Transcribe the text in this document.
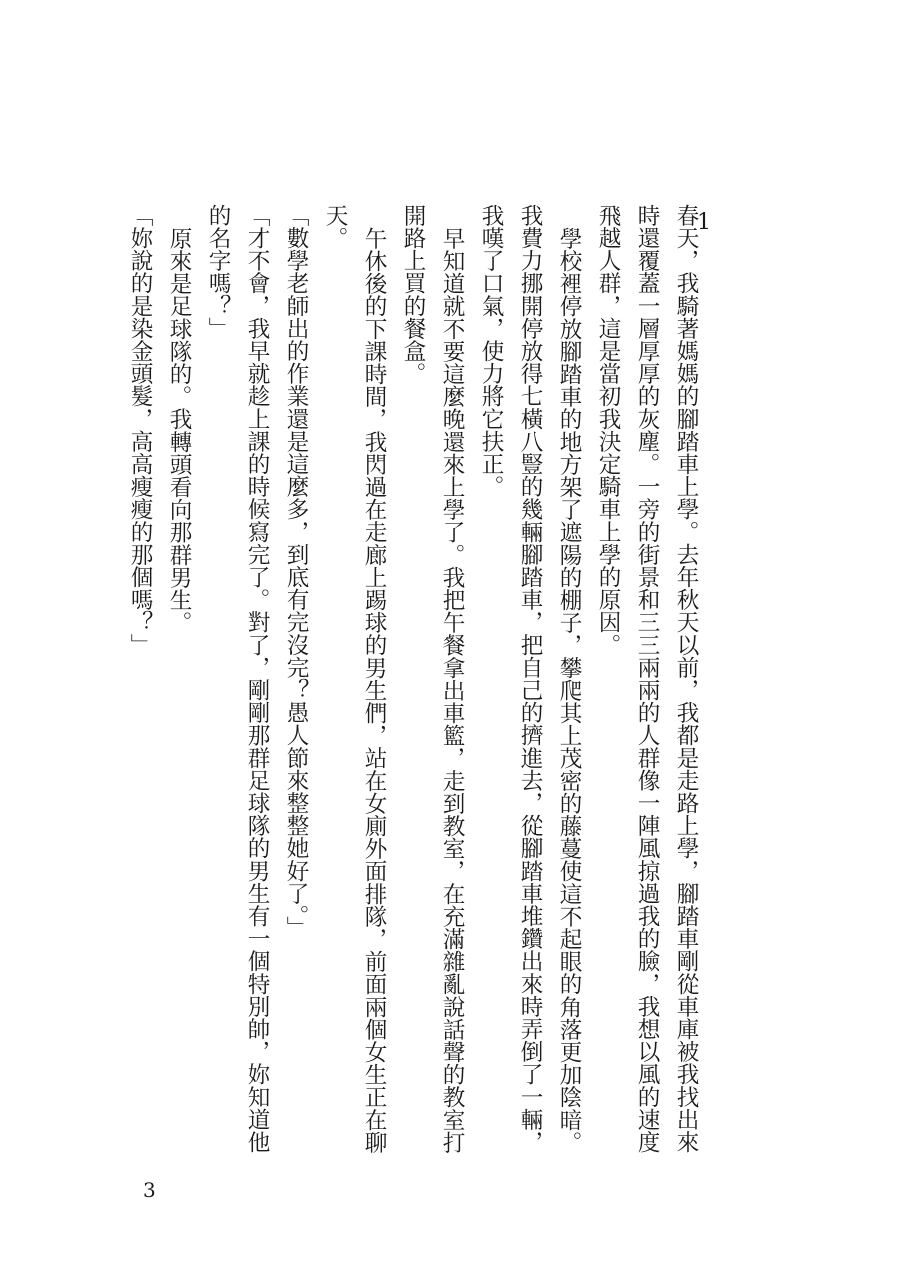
1

春天，我騎著媽媽的腳踏車上學。去年秋天以前，我都是走路上學，腳踏車剛從車庫被我找出來時還覆蓋一層厚厚的灰塵。一旁的街景和三三兩兩的人群像一陣風掠過我的臉，我想以風的速度飛越人群，這是當初我決定騎車上學的原因。

學校裡停放腳踏車的地方架了遮陽的棚子，攀爬其上茂密的藤蔓使這不起眼的角落更加陰暗。我費力挪開停放得七橫八豎的幾輛腳踏車，把自己的擠進去，從腳踏車堆鑽出來時弄倒了一輛，我嘆了口氣，使力將它扶正。

早知道就不要這麼晚還來上學了。我把午餐拿出車籃，走到教室，在充滿雜亂說話聲的教室打開路上買的餐盒。

午休後的下課時間，我閃過在走廊上踢球的男生們，站在女廁外面排隊，前面兩個女生正在聊天。

「數學老師出的作業還是這麼多，到底有完沒完？愚人節來整整她好了。」

「才不會，我早就趁上課的時候寫完了。對了，剛剛那群足球隊的男生有一個特別帥，妳知道他的名字嗎？」

原來是足球隊的。我轉頭看向那群男生。

「妳說的是染金頭髮，高高瘦瘦的那個嗎？」

3
